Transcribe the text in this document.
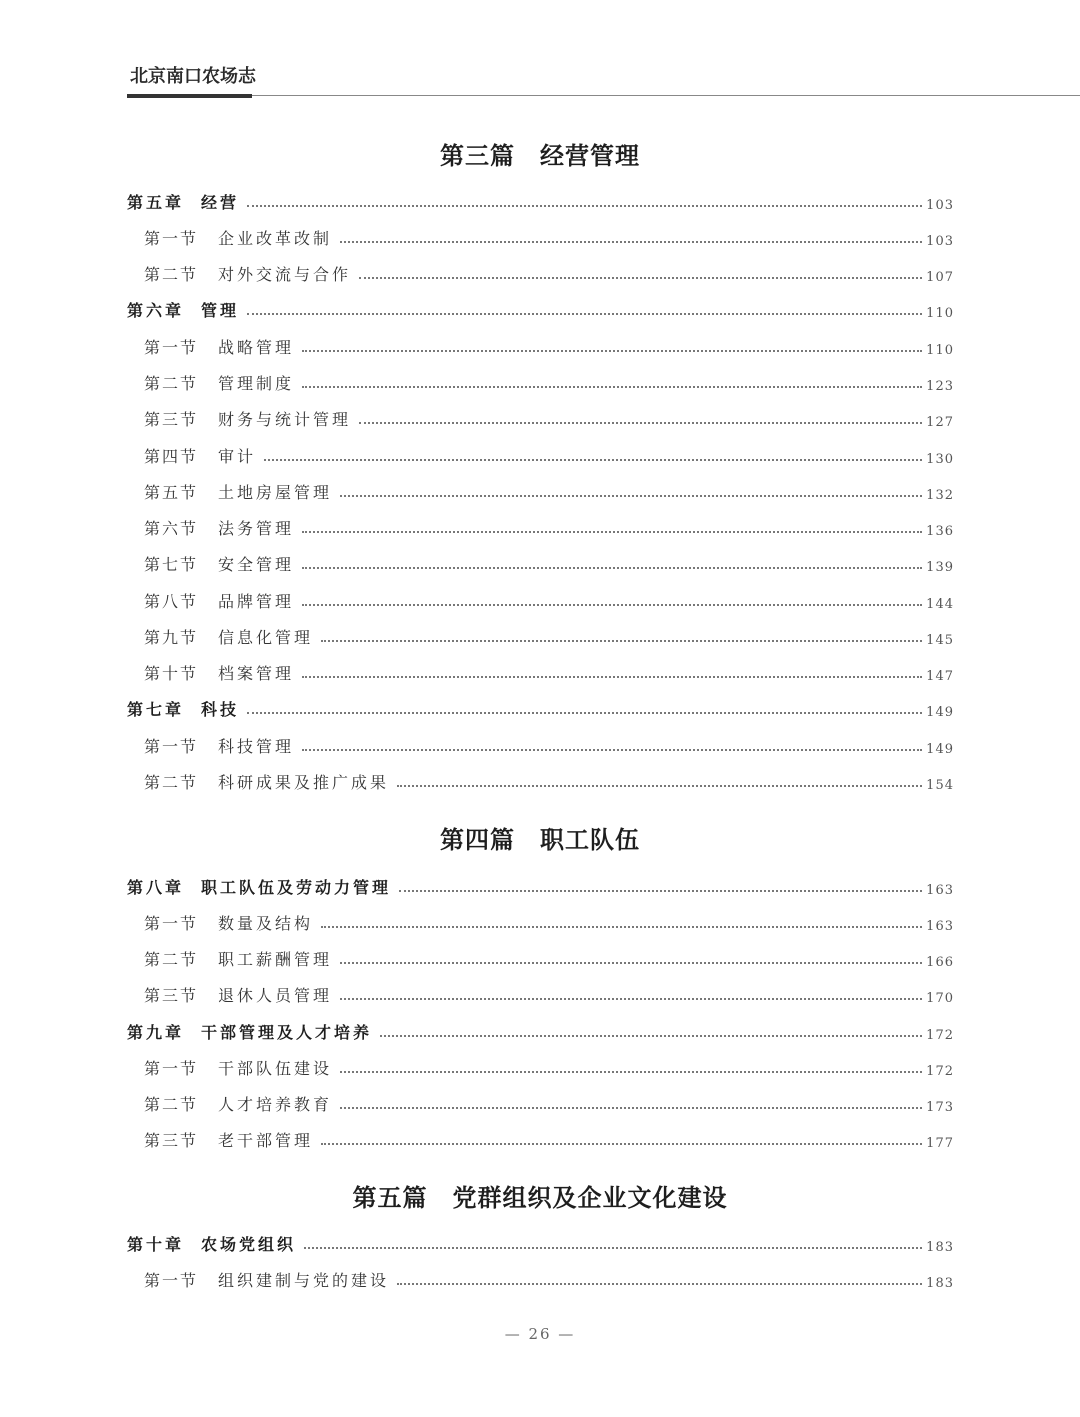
北京南口农场志
第三篇　经营管理
第五章 经营	103
第一节 企业改革改制	103
第二节 对外交流与合作	107
第六章 管理	110
第一节 战略管理	110
第二节 管理制度	123
第三节 财务与统计管理	127
第四节 审计	130
第五节 土地房屋管理	132
第六节 法务管理	136
第七节 安全管理	139
第八节 品牌管理	144
第九节 信息化管理	145
第十节 档案管理	147
第七章 科技	149
第一节 科技管理	149
第二节 科研成果及推广成果	154
第四篇　职工队伍
第八章 职工队伍及劳动力管理	163
第一节 数量及结构	163
第二节 职工薪酬管理	166
第三节 退休人员管理	170
第九章 干部管理及人才培养	172
第一节 干部队伍建设	172
第二节 人才培养教育	173
第三节 老干部管理	177
第五篇　党群组织及企业文化建设
第十章 农场党组织	183
第一节 组织建制与党的建设	183
— 26 —
